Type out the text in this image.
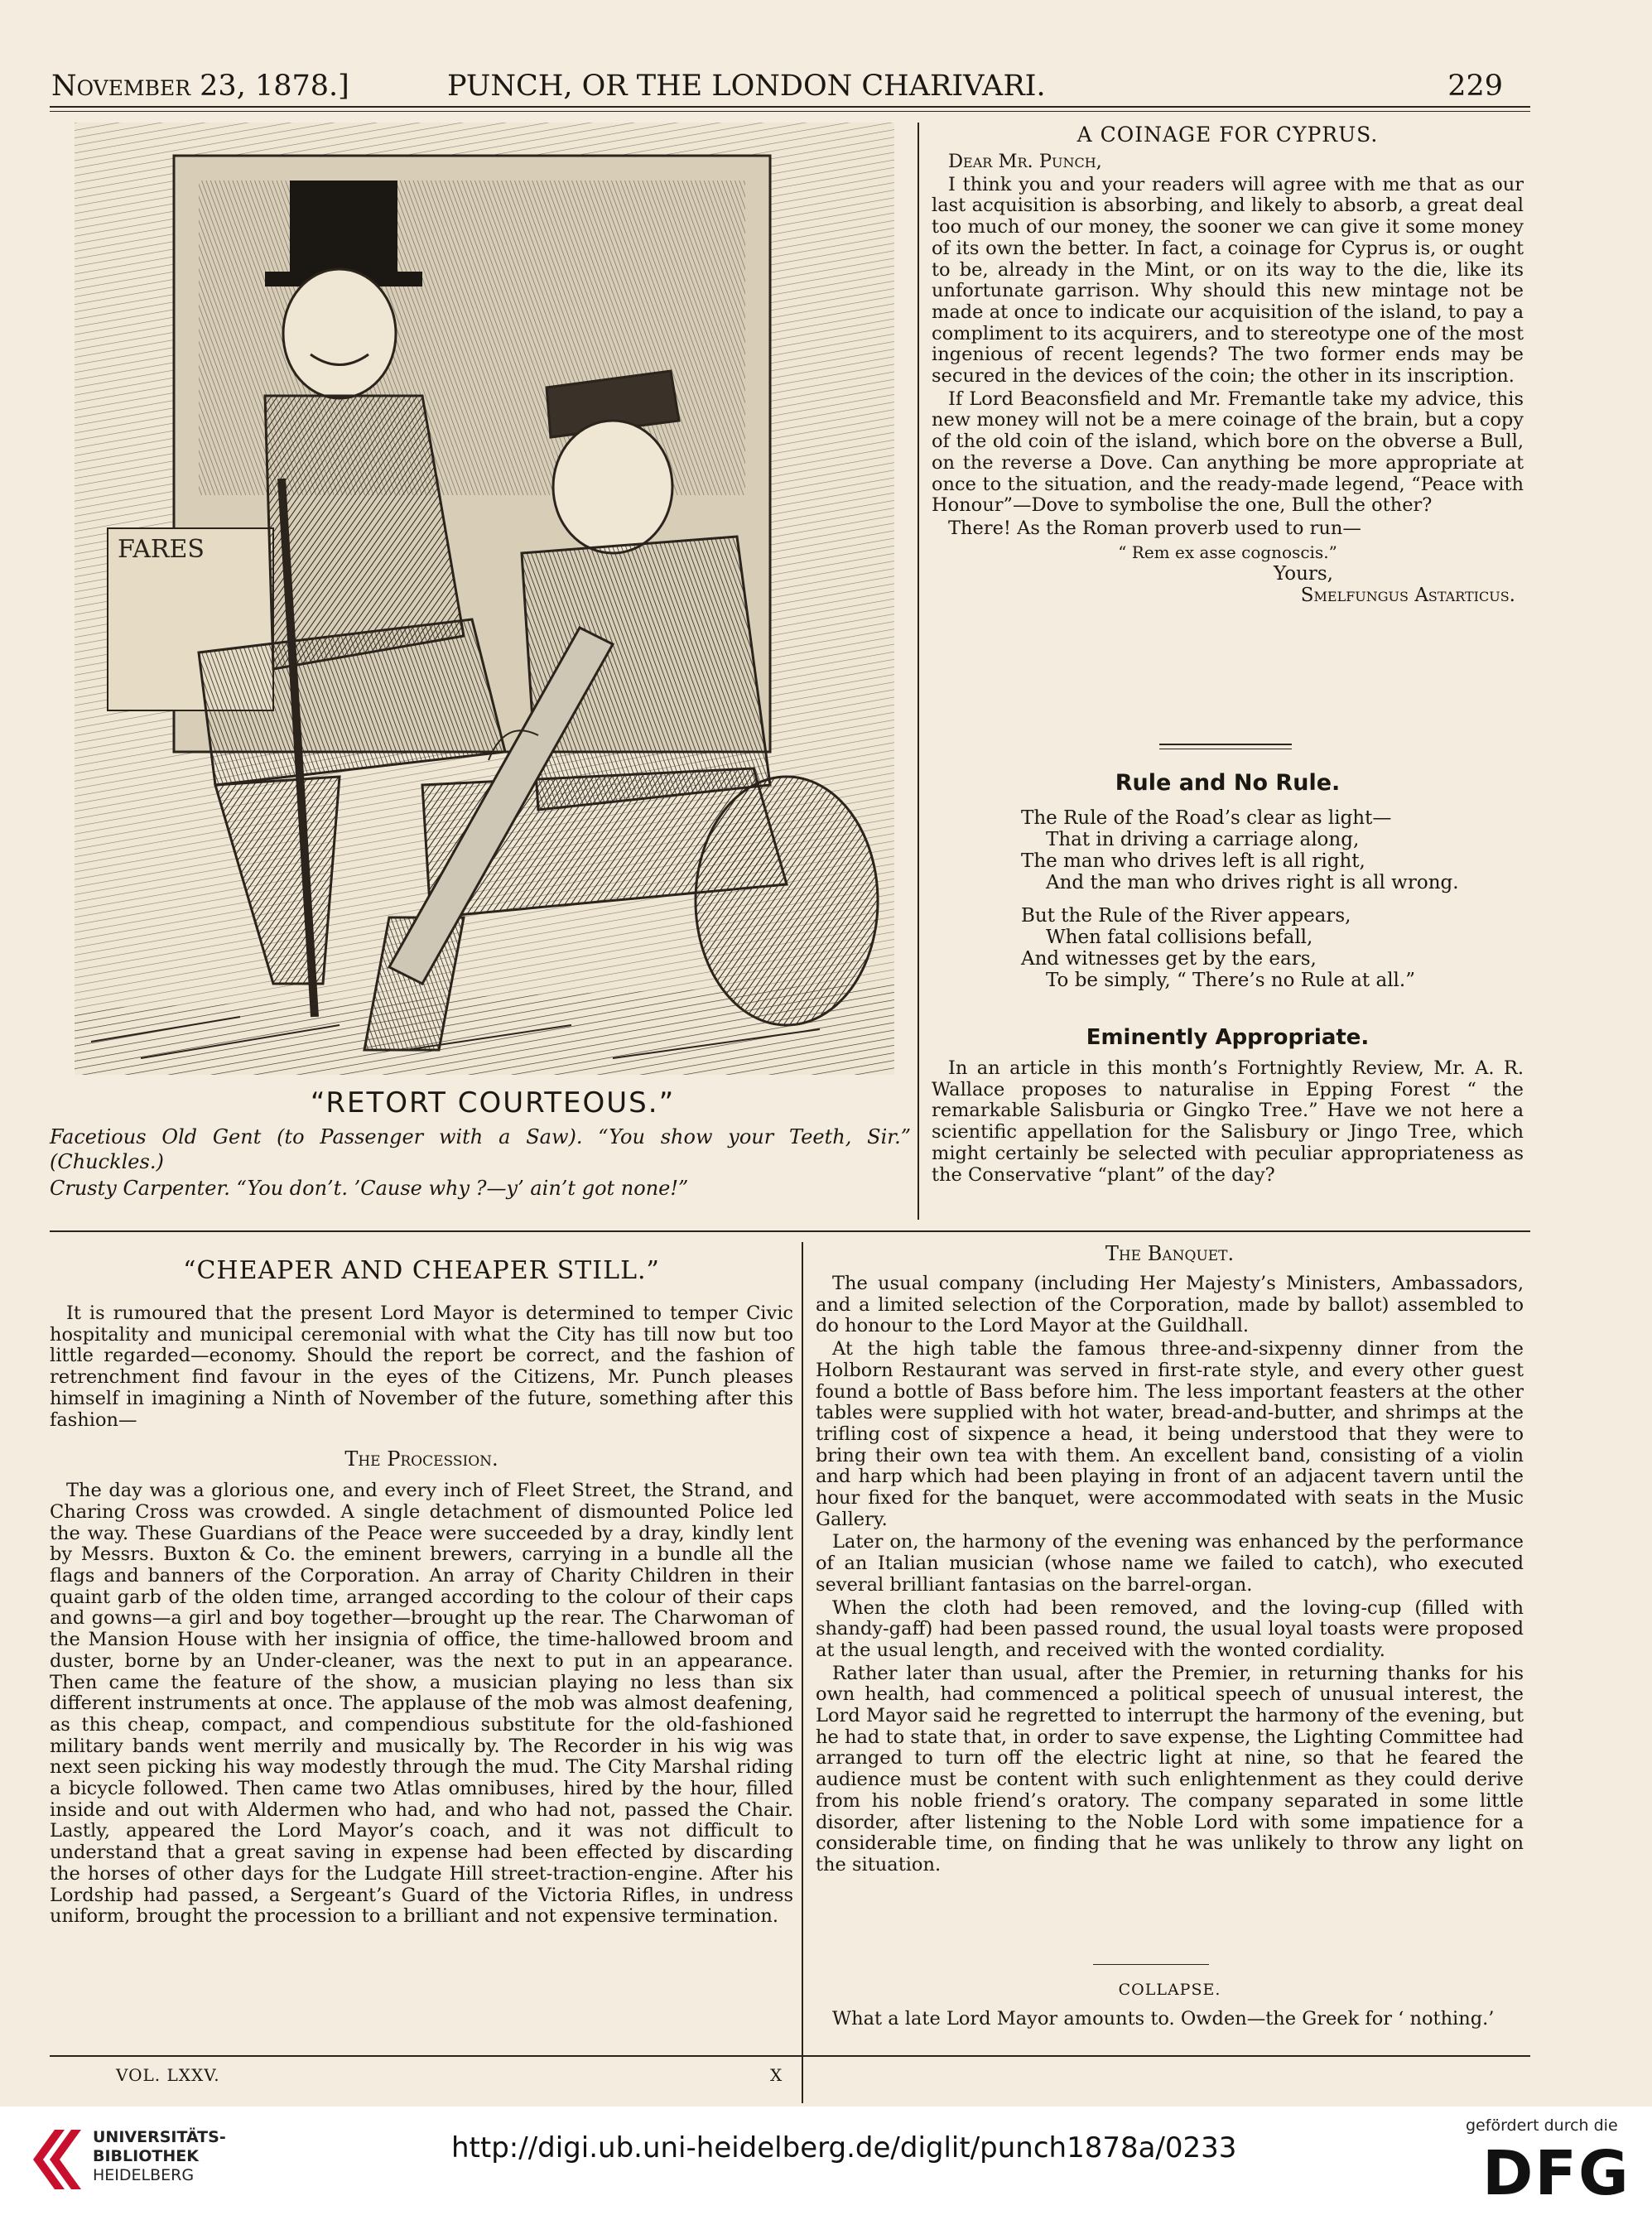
November 23, 1878.]	PUNCH, OR THE LONDON CHARIVARI.	229
FARES
“RETORT COURTEOUS.”
Facetious Old Gent (to Passenger with a Saw). “You show your Teeth, Sir.” (Chuckles.)
Crusty Carpenter. “You don’t. ’Cause why ?—y’ ain’t got none!”
A COINAGE FOR CYPRUS.
Dear Mr. Punch,

I think you and your readers will agree with me that as our last acquisition is absorbing, and likely to absorb, a great deal too much of our money, the sooner we can give it some money of its own the better. In fact, a coinage for Cyprus is, or ought to be, already in the Mint, or on its way to the die, like its unfortunate garrison. Why should this new mintage not be made at once to indicate our acquisition of the island, to pay a compliment to its acquirers, and to stereotype one of the most ingenious of recent legends? The two former ends may be secured in the devices of the coin; the other in its inscription.

If Lord Beaconsfield and Mr. Fremantle take my advice, this new money will not be a mere coinage of the brain, but a copy of the old coin of the island, which bore on the obverse a Bull, on the reverse a Dove. Can anything be more appropriate at once to the situation, and the ready-made legend, “Peace with Honour”—Dove to symbolise the one, Bull the other?

There! As the Roman proverb used to run—

“ Rem ex asse cognoscis.”
Yours,
Smelfungus Astarticus.
Rule and No Rule.
The Rule of the Road’s clear as light—
That in driving a carriage along,
The man who drives left is all right,
And the man who drives right is all wrong.
But the Rule of the River appears,
When fatal collisions befall,
And witnesses get by the ears,
To be simply, “ There’s no Rule at all.”
Eminently Appropriate.

In an article in this month’s Fortnightly Review, Mr. A. R. Wallace proposes to naturalise in Epping Forest “ the remarkable Salisburia or Gingko Tree.” Have we not here a scientific appellation for the Salisbury or Jingo Tree, which might certainly be selected with peculiar appropriateness as the Conservative “plant” of the day?

“CHEAPER AND CHEAPER STILL.”

It is rumoured that the present Lord Mayor is determined to temper Civic hospitality and municipal ceremonial with what the City has till now but too little regarded—economy. Should the report be correct, and the fashion of retrenchment find favour in the eyes of the Citizens, Mr. Punch pleases himself in imagining a Ninth of November of the future, something after this fashion—

The Procession.

The day was a glorious one, and every inch of Fleet Street, the Strand, and Charing Cross was crowded. A single detachment of dismounted Police led the way. These Guardians of the Peace were succeeded by a dray, kindly lent by Messrs. Buxton & Co. the eminent brewers, carrying in a bundle all the flags and banners of the Corporation. An array of Charity Children in their quaint garb of the olden time, arranged according to the colour of their caps and gowns—a girl and boy together—brought up the rear. The Charwoman of the Mansion House with her insignia of office, the time-hallowed broom and duster, borne by an Under-cleaner, was the next to put in an appearance. Then came the feature of the show, a musician playing no less than six different instruments at once. The applause of the mob was almost deafening, as this cheap, compact, and compendious substitute for the old-fashioned military bands went merrily and musically by. The Recorder in his wig was next seen picking his way modestly through the mud. The City Marshal riding a bicycle followed. Then came two Atlas omnibuses, hired by the hour, filled inside and out with Aldermen who had, and who had not, passed the Chair. Lastly, appeared the Lord Mayor’s coach, and it was not difficult to understand that a great saving in expense had been effected by discarding the horses of other days for the Ludgate Hill street-traction-engine. After his Lordship had passed, a Sergeant’s Guard of the Victoria Rifles, in undress uniform, brought the procession to a brilliant and not expensive termination.

The Banquet.

The usual company (including Her Majesty’s Ministers, Ambassadors, and a limited selection of the Corporation, made by ballot) assembled to do honour to the Lord Mayor at the Guildhall.

At the high table the famous three-and-sixpenny dinner from the Holborn Restaurant was served in first-rate style, and every other guest found a bottle of Bass before him. The less important feasters at the other tables were supplied with hot water, bread-and-butter, and shrimps at the trifling cost of sixpence a head, it being understood that they were to bring their own tea with them. An excellent band, consisting of a violin and harp which had been playing in front of an adjacent tavern until the hour fixed for the banquet, were accommodated with seats in the Music Gallery.

Later on, the harmony of the evening was enhanced by the performance of an Italian musician (whose name we failed to catch), who executed several brilliant fantasias on the barrel-organ.

When the cloth had been removed, and the loving-cup (filled with shandy-gaff) had been passed round, the usual loyal toasts were proposed at the usual length, and received with the wonted cordiality.

Rather later than usual, after the Premier, in returning thanks for his own health, had commenced a political speech of unusual interest, the Lord Mayor said he regretted to interrupt the harmony of the evening, but he had to state that, in order to save expense, the Lighting Committee had arranged to turn off the electric light at nine, so that he feared the audience must be content with such enlightenment as they could derive from his noble friend’s oratory. The company separated in some little disorder, after listening to the Noble Lord with some impatience for a considerable time, on finding that he was unlikely to throw any light on the situation.

COLLAPSE.

What a late Lord Mayor amounts to. Owden—the Greek for ‘ nothing.’

VOL. LXXV.	X
UNIVERSITÄTS-
BIBLIOTHEK
HEIDELBERG
http://digi.ub.uni-heidelberg.de/diglit/punch1878a/0233
gefördert durch die
DFG
